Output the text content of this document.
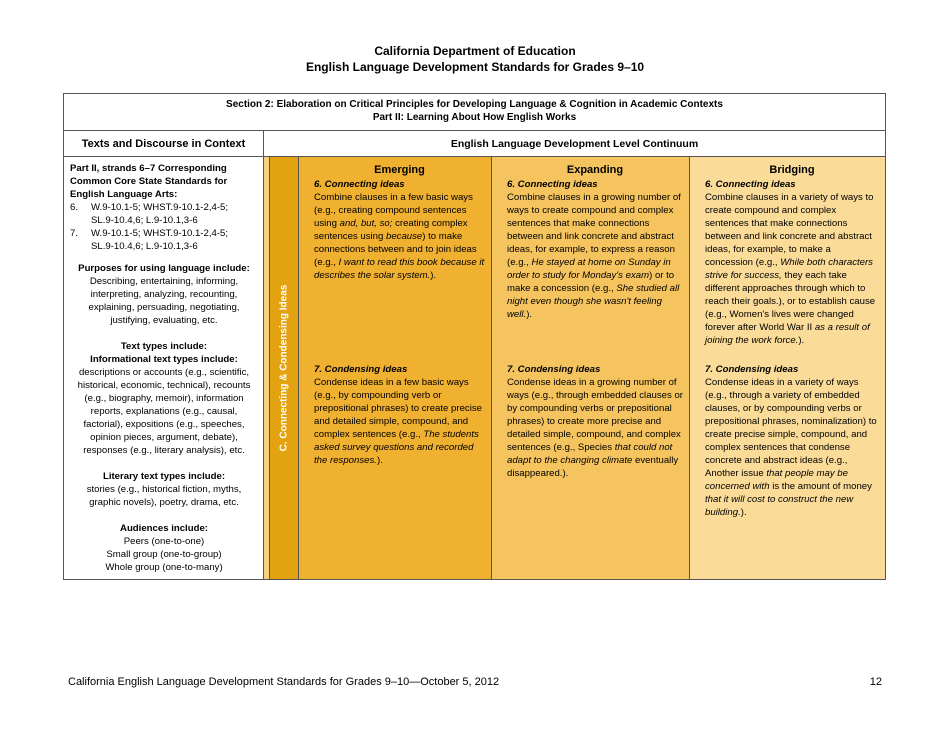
California Department of Education
English Language Development Standards for Grades 9–10
Section 2: Elaboration on Critical Principles for Developing Language & Cognition in Academic Contexts
Part II: Learning About How English Works
Texts and Discourse in Context	English Language Development Level Continuum
Part II, strands 6–7 Corresponding Common Core State Standards for English Language Arts:
6.	W.9-10.1-5; WHST.9-10.1-2,4-5;
SL.9-10.4,6; L.9-10.1,3-6
7.	W.9-10.1-5; WHST.9-10.1-2,4-5;
SL.9-10.4,6; L.9-10.1,3-6
Purposes for using language include:
Describing, entertaining, informing, interpreting, analyzing, recounting, explaining, persuading, negotiating, justifying, evaluating, etc.
Text types include:
Informational text types include:
descriptions or accounts (e.g., scientific, historical, economic, technical), recounts (e.g., biography, memoir), information reports, explanations (e.g., causal, factorial), expositions (e.g., speeches, opinion pieces, argument, debate), responses (e.g., literary analysis), etc.
Literary text types include:
stories (e.g., historical fiction, myths, graphic novels), poetry, drama, etc.
Audiences include:
Peers (one-to-one)
Small group (one-to-group)
Whole group (one-to-many)
C. Connecting & Condensing Ideas
Emerging
6. Connecting ideas
Combine clauses in a few basic ways (e.g., creating compound sentences using and, but, so; creating complex sentences using because) to make connections between and to join ideas (e.g., I want to read this book because it describes the solar system.).
7. Condensing ideas
Condense ideas in a few basic ways (e.g., by compounding verb or prepositional phrases) to create precise and detailed simple, compound, and complex sentences (e.g., The students asked survey questions and recorded the responses.).
Expanding
6. Connecting ideas
Combine clauses in a growing number of ways to create compound and complex sentences that make connections between and link concrete and abstract ideas, for example, to express a reason (e.g., He stayed at home on Sunday in order to study for Monday's exam) or to make a concession (e.g., She studied all night even though she wasn't feeling well.).
7. Condensing ideas
Condense ideas in a growing number of ways (e.g., through embedded clauses or by compounding verbs or prepositional phrases) to create more precise and detailed simple, compound, and complex sentences (e.g., Species that could not adapt to the changing climate eventually disappeared.).
Bridging
6. Connecting ideas
Combine clauses in a variety of ways to create compound and complex sentences that make connections between and link concrete and abstract ideas, for example, to make a concession (e.g., While both characters strive for success, they each take different approaches through which to reach their goals.), or to establish cause (e.g., Women's lives were changed forever after World War II as a result of joining the work force.).
7. Condensing ideas
Condense ideas in a variety of ways (e.g., through a variety of embedded clauses, or by compounding verbs or prepositional phrases, nominalization) to create precise simple, compound, and complex sentences that condense concrete and abstract ideas (e.g., Another issue that people may be concerned with is the amount of money that it will cost to construct the new building.).
California English Language Development Standards for Grades 9–10—October 5, 2012	12
